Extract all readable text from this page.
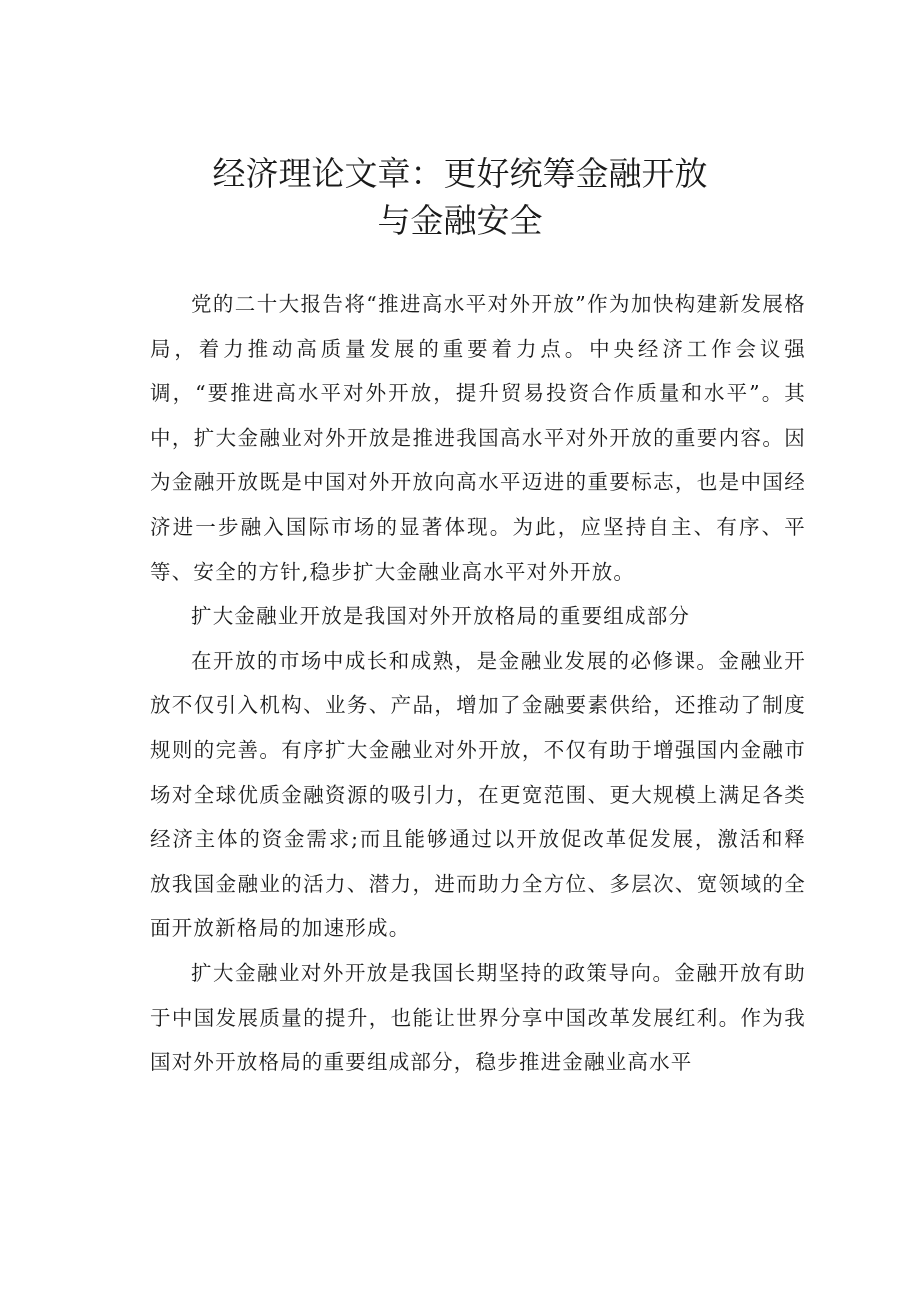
经济理论文章：更好统筹金融开放
与金融安全

党的二十大报告将“推进高水平对外开放”作为加快构建新发展格局，着力推动高质量发展的重要着力点。中央经济工作会议强调，“要推进高水平对外开放，提升贸易投资合作质量和水平”。其中，扩大金融业对外开放是推进我国高水平对外开放的重要内容。因为金融开放既是中国对外开放向高水平迈进的重要标志，也是中国经济进一步融入国际市场的显著体现。为此，应坚持自主、有序、平等、安全的方针,稳步扩大金融业高水平对外开放。

扩大金融业开放是我国对外开放格局的重要组成部分

在开放的市场中成长和成熟，是金融业发展的必修课。金融业开放不仅引入机构、业务、产品，增加了金融要素供给，还推动了制度规则的完善。有序扩大金融业对外开放，不仅有助于增强国内金融市场对全球优质金融资源的吸引力，在更宽范围、更大规模上满足各类经济主体的资金需求;而且能够通过以开放促改革促发展，激活和释放我国金融业的活力、潜力，进而助力全方位、多层次、宽领域的全面开放新格局的加速形成。

扩大金融业对外开放是我国长期坚持的政策导向。金融开放有助于中国发展质量的提升，也能让世界分享中国改革发展红利。作为我国对外开放格局的重要组成部分，稳步推进金融业高水平
